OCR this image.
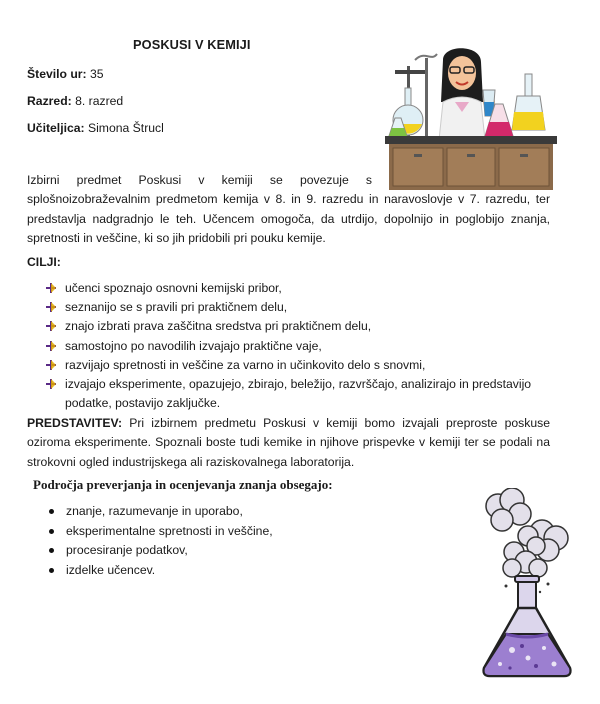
POSKUSI V KEMIJI
Število ur: 35
Razred: 8. razred
Učiteljica: Simona Štrucl
Izbirni predmet Poskusi v kemiji se povezuje s
splošnoizobraževalnim predmetom kemija v 8. in 9. razredu in naravoslovje v 7. razredu, ter predstavlja nadgradnjo le teh. Učencem omogoča, da utrdijo, dopolnijo in poglobijo znanja, spretnosti in veščine, ki so jih pridobili pri pouku kemije.
CILJI:
učenci spoznajo osnovni kemijski pribor,
seznanijo se s pravili pri praktičnem delu,
znajo izbrati prava zaščitna sredstva pri praktičnem delu,
samostojno po navodilih izvajajo praktične vaje,
razvijajo spretnosti in veščine za varno in učinkovito delo s snovmi,
izvajajo eksperimente, opazujejo, zbirajo, beležijo, razvrščajo, analizirajo in predstavijo podatke, postavijo zaključke.
PREDSTAVITEV: Pri izbirnem predmetu Poskusi v kemiji bomo izvajali preproste poskuse oziroma eksperimente. Spoznali boste tudi kemike in njihove prispevke v kemiji ter se podali na strokovni ogled industrijskega ali raziskovalnega laboratorija.
Področja preverjanja in ocenjevanja znanja obsegajo:
znanje, razumevanje in uporabo,
eksperimentalne spretnosti in veščine,
procesiranje podatkov,
izdelke učencev.
